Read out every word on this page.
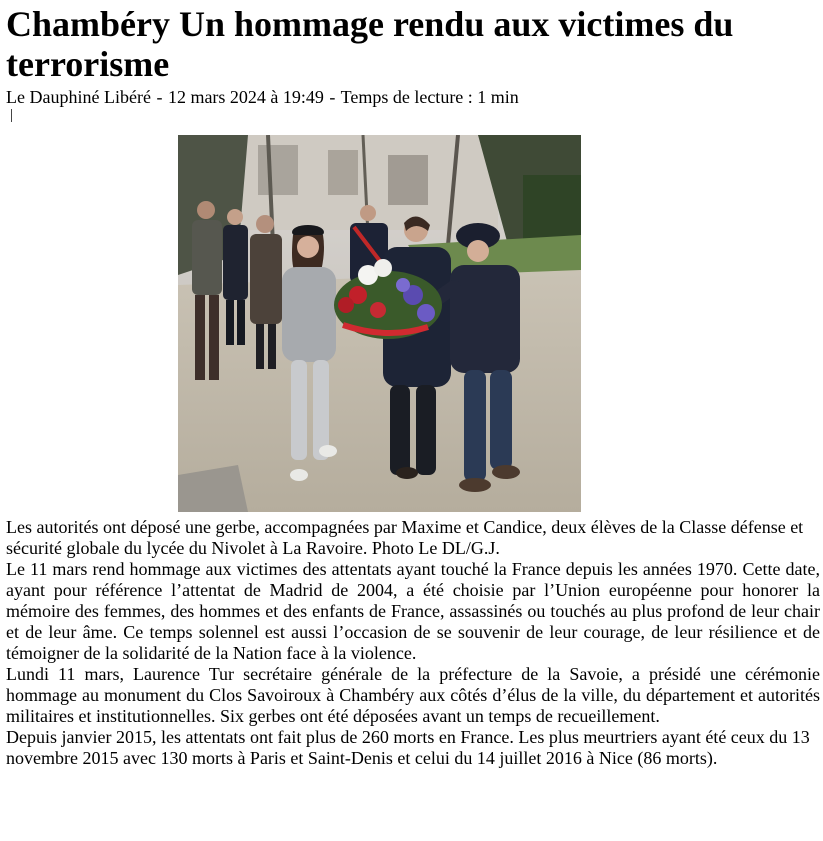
Chambéry Un hommage rendu aux victimes du terrorisme
Le Dauphiné Libéré - 12 mars 2024 à 19:49 - Temps de lecture : 1 min
|

Les autorités ont déposé une gerbe, accompagnées par Maxime et Candice, deux élèves de la Classe défense et sécurité globale du lycée du Nivolet à La Ravoire. Photo Le DL/G.J.

Le 11 mars rend hommage aux victimes des attentats ayant touché la France depuis les années 1970. Cette date, ayant pour référence l’attentat de Madrid de 2004, a été choisie par l’Union européenne pour honorer la mémoire des femmes, des hommes et des enfants de France, assassinés ou touchés au plus profond de leur chair et de leur âme. Ce temps solennel est aussi l’occasion de se souvenir de leur courage, de leur résilience et de témoigner de la solidarité de la Nation face à la violence.

Lundi 11 mars, Laurence Tur secrétaire générale de la préfecture de la Savoie, a présidé une cérémonie hommage au monument du Clos Savoiroux à Chambéry aux côtés d’élus de la ville, du département et autorités militaires et institutionnelles. Six gerbes ont été déposées avant un temps de recueillement.

Depuis janvier 2015, les attentats ont fait plus de 260 morts en France. Les plus meurtriers ayant été ceux du 13 novembre 2015 avec 130 morts à Paris et Saint-Denis et celui du 14 juillet 2016 à Nice (86 morts).
